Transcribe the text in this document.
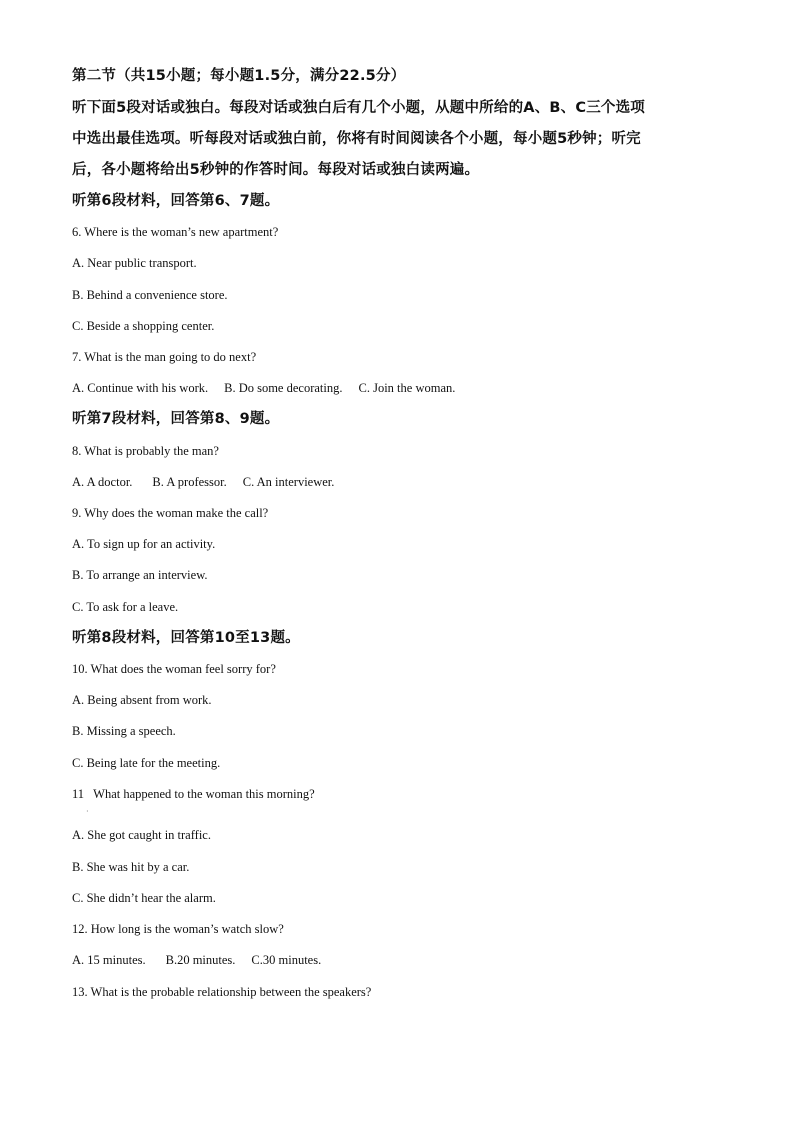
第二节（共15小题；每小题1.5分，满分22.5分）
听下面5段对话或独白。每段对话或独白后有几个小题，从题中所给的A、B、C三个选项
中选出最佳选项。听每段对话或独白前，你将有时间阅读各个小题，每小题5秒钟；听完
后，各小题将给出5秒钟的作答时间。每段对话或独白读两遍。
听第6段材料，回答第6、7题。
6. Where is the woman’s new apartment?
A. Near public transport.
B. Behind a convenience store.
C. Beside a shopping center.
7. What is the man going to do next?
A. Continue with his work. B. Do some decorating. C. Join the woman.
听第7段材料，回答第8、9题。
8. What is probably the man?
A. A doctor. B. A professor. C. An interviewer.
9. Why does the woman make the call?
A. To sign up for an activity.
B. To arrange an interview.
C. To ask for a leave.
听第8段材料，回答第10至13题。
10. What does the woman feel sorry for?
A. Being absent from work.
B. Missing a speech.
C. Being late for the meeting.
11   What happened to the woman this morning?
·
A. She got caught in traffic.
B. She was hit by a car.
C. She didn’t hear the alarm.
12. How long is the woman’s watch slow?
A. 15 minutes. B.20 minutes. C.30 minutes.
13. What is the probable relationship between the speakers?
